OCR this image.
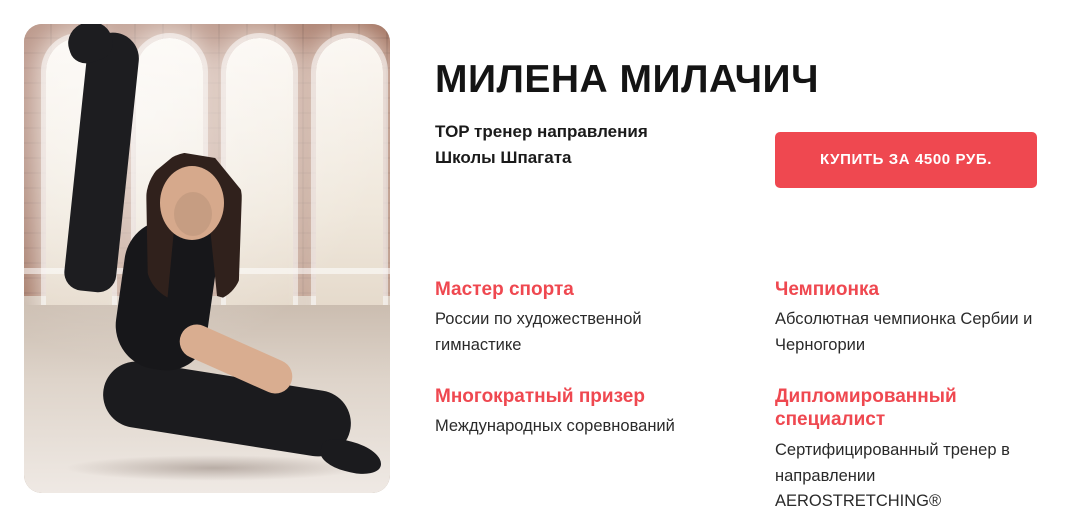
МИЛЕНА МИЛАЧИЧ
TOP тренер направления
Школы Шпагата	КУПИТЬ ЗА 4500 РУБ.
Мастер спорта

России по художественной гимнастике

Чемпионка

Абсолютная чемпионка Сербии и Черногории

Многократный призер

Международных соревнований

Дипломированный специалист

Сертифицированный тренер в направлении AEROSTRETCHING®
